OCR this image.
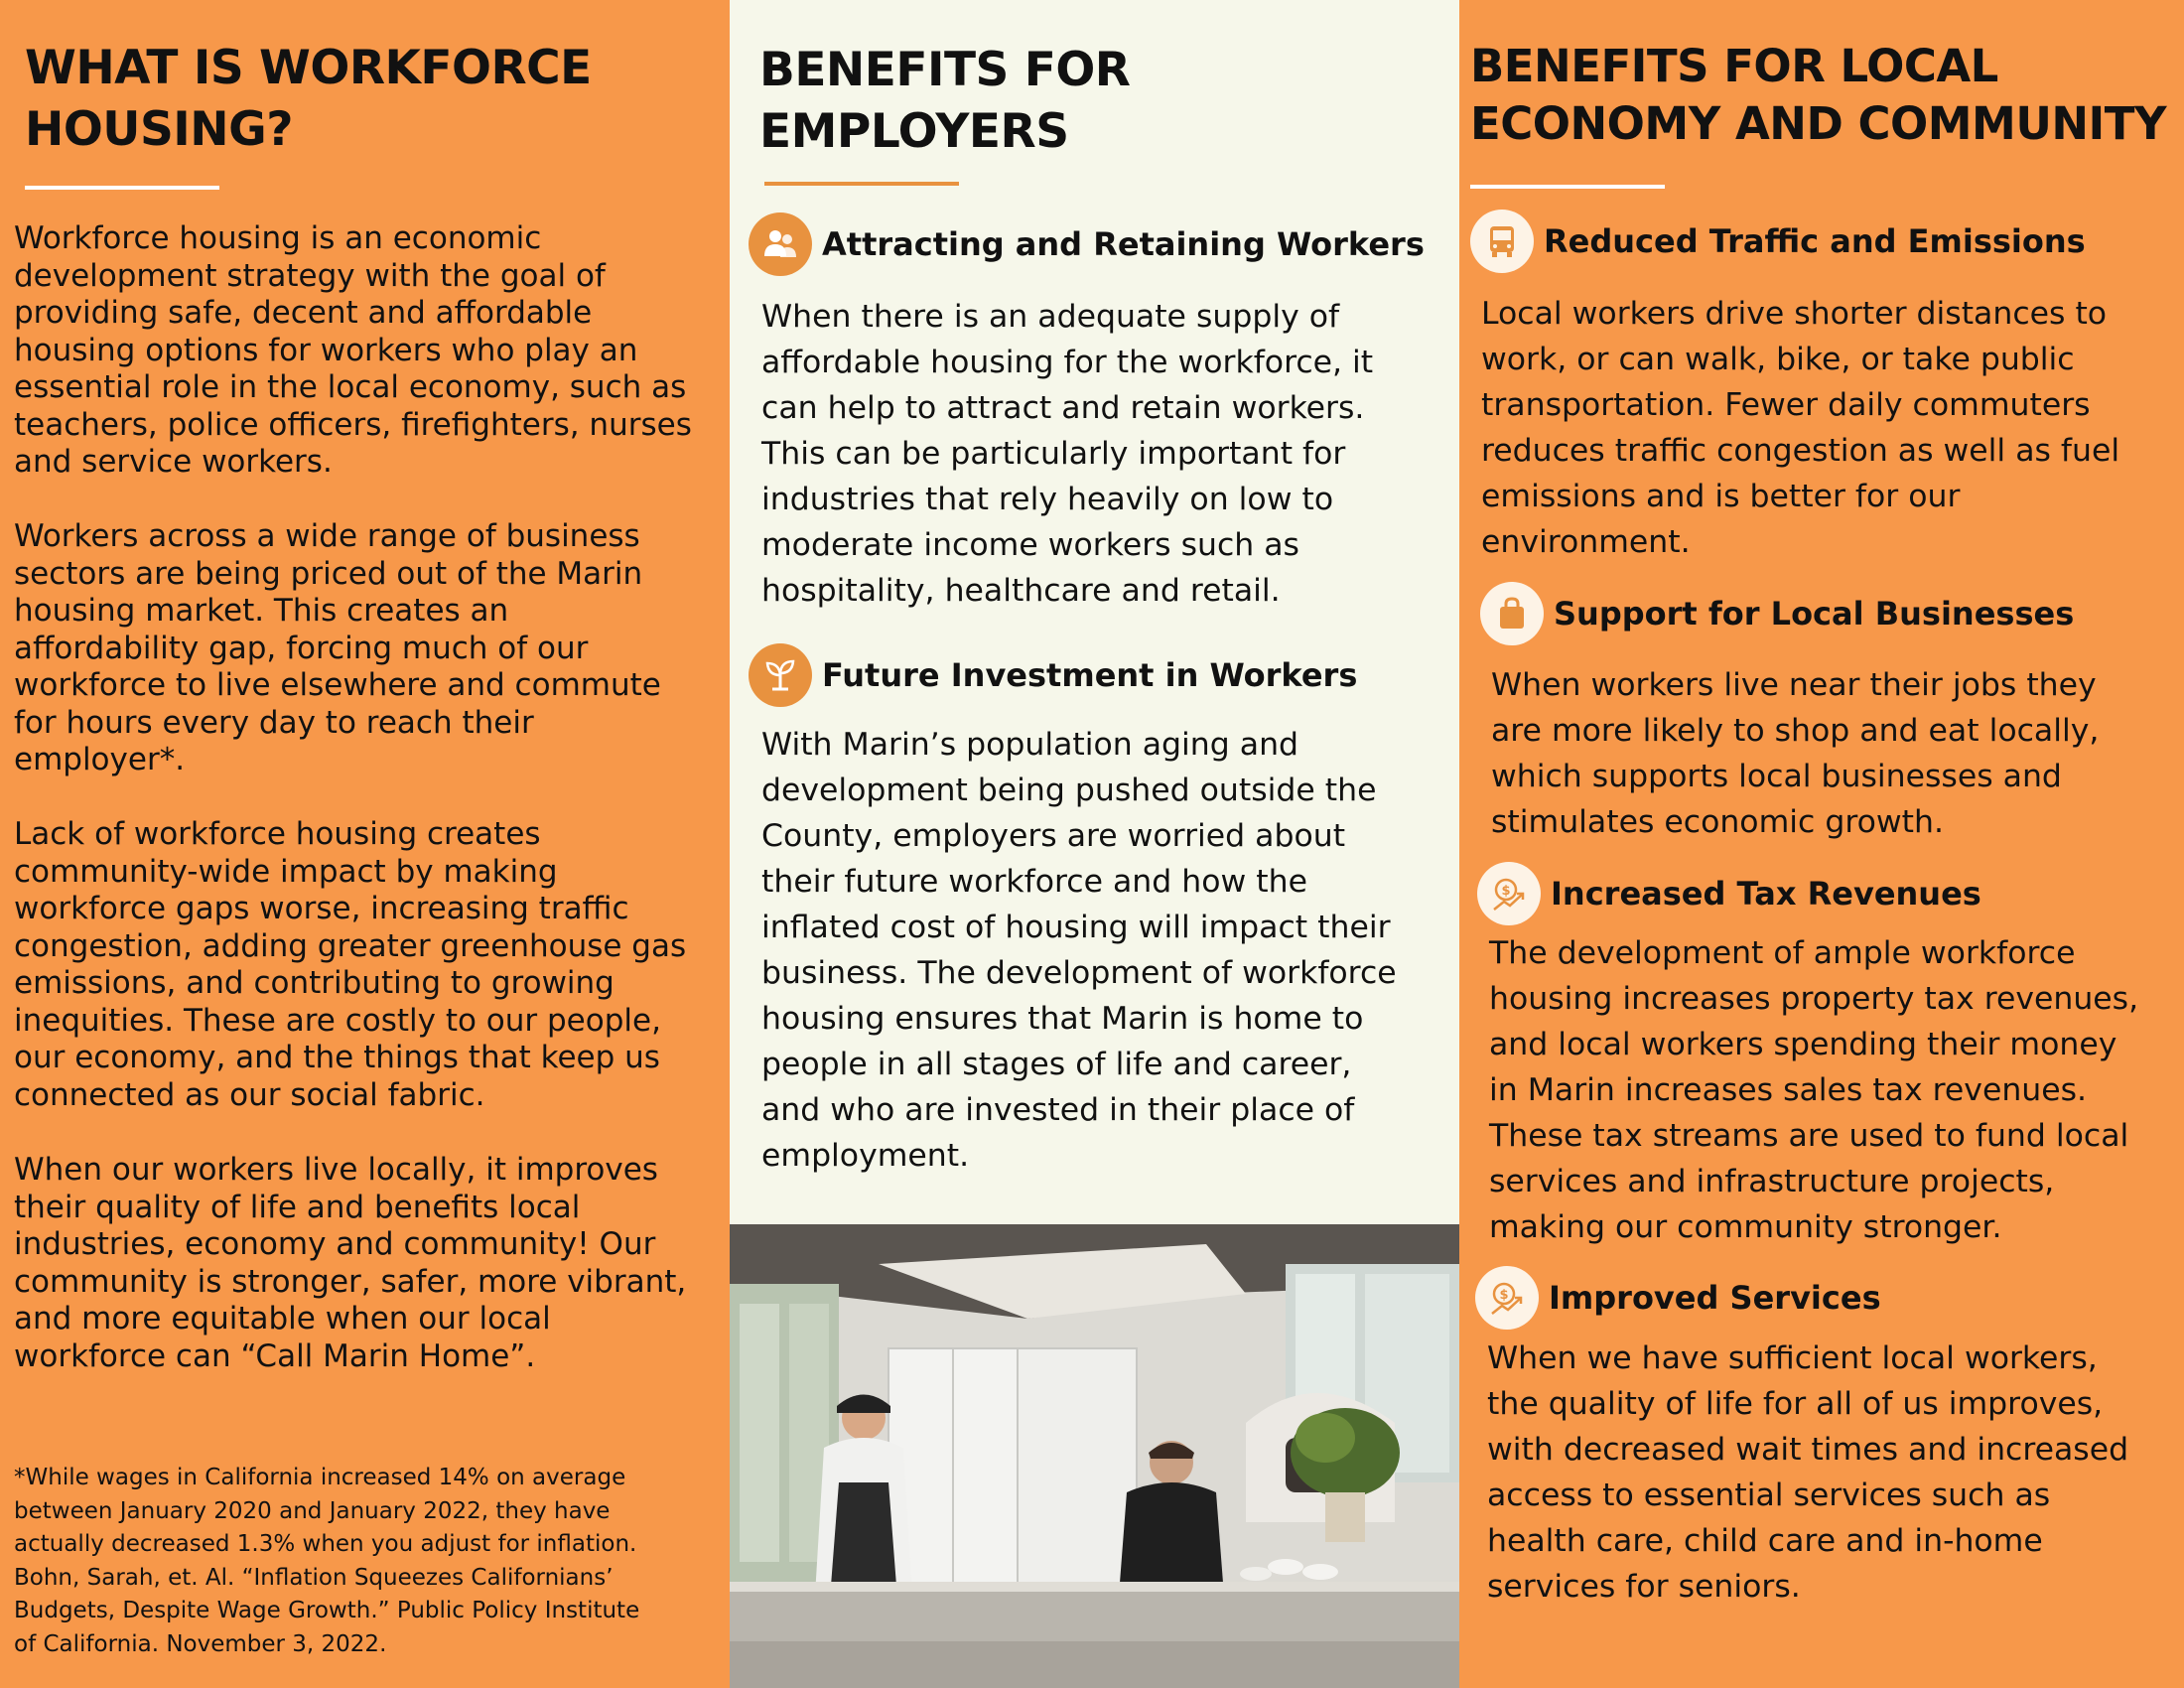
WHAT IS WORKFORCE
HOUSING?

Workforce housing is an economic
development strategy with the goal of
providing safe, decent and affordable
housing options for workers who play an
essential role in the local economy, such as
teachers, police officers, firefighters, nurses
and service workers.

Workers across a wide range of business
sectors are being priced out of the Marin
housing market. This creates an
affordability gap, forcing much of our
workforce to live elsewhere and commute
for hours every day to reach their
employer*.

Lack of workforce housing creates
community-wide impact by making
workforce gaps worse, increasing traffic
congestion, adding greater greenhouse gas
emissions, and contributing to growing
inequities. These are costly to our people,
our economy, and the things that keep us
connected as our social fabric.

When our workers live locally, it improves
their quality of life and benefits local
industries, economy and community! Our
community is stronger, safer, more vibrant,
and more equitable when our local
workforce can “Call Marin Home”.

*While wages in California increased 14% on average
between January 2020 and January 2022, they have
actually decreased 1.3% when you adjust for inflation.
Bohn, Sarah, et. Al. “Inflation Squeezes Californians’
Budgets, Despite Wage Growth.” Public Policy Institute
of California. November 3, 2022.

BENEFITS FOR
EMPLOYERS
Attracting and Retaining Workers

When there is an adequate supply of
affordable housing for the workforce, it
can help to attract and retain workers.
This can be particularly important for
industries that rely heavily on low to
moderate income workers such as
hospitality, healthcare and retail.

Future Investment in Workers

With Marin’s population aging and
development being pushed outside the
County, employers are worried about
their future workforce and how the
inflated cost of housing will impact their
business. The development of workforce
housing ensures that Marin is home to
people in all stages of life and career,
and who are invested in their place of
employment.

BENEFITS FOR LOCAL
ECONOMY AND COMMUNITY
Reduced Traffic and Emissions

Local workers drive shorter distances to
work, or can walk, bike, or take public
transportation. Fewer daily commuters
reduces traffic congestion as well as fuel
emissions and is better for our
environment.

Support for Local Businesses

When workers live near their jobs they
are more likely to shop and eat locally,
which supports local businesses and
stimulates economic growth.

$ Increased Tax Revenues

The development of ample workforce
housing increases property tax revenues,
and local workers spending their money
in Marin increases sales tax revenues.
These tax streams are used to fund local
services and infrastructure projects,
making our community stronger.

$ Improved Services

When we have sufficient local workers,
the quality of life for all of us improves,
with decreased wait times and increased
access to essential services such as
health care, child care and in-home
services for seniors.
